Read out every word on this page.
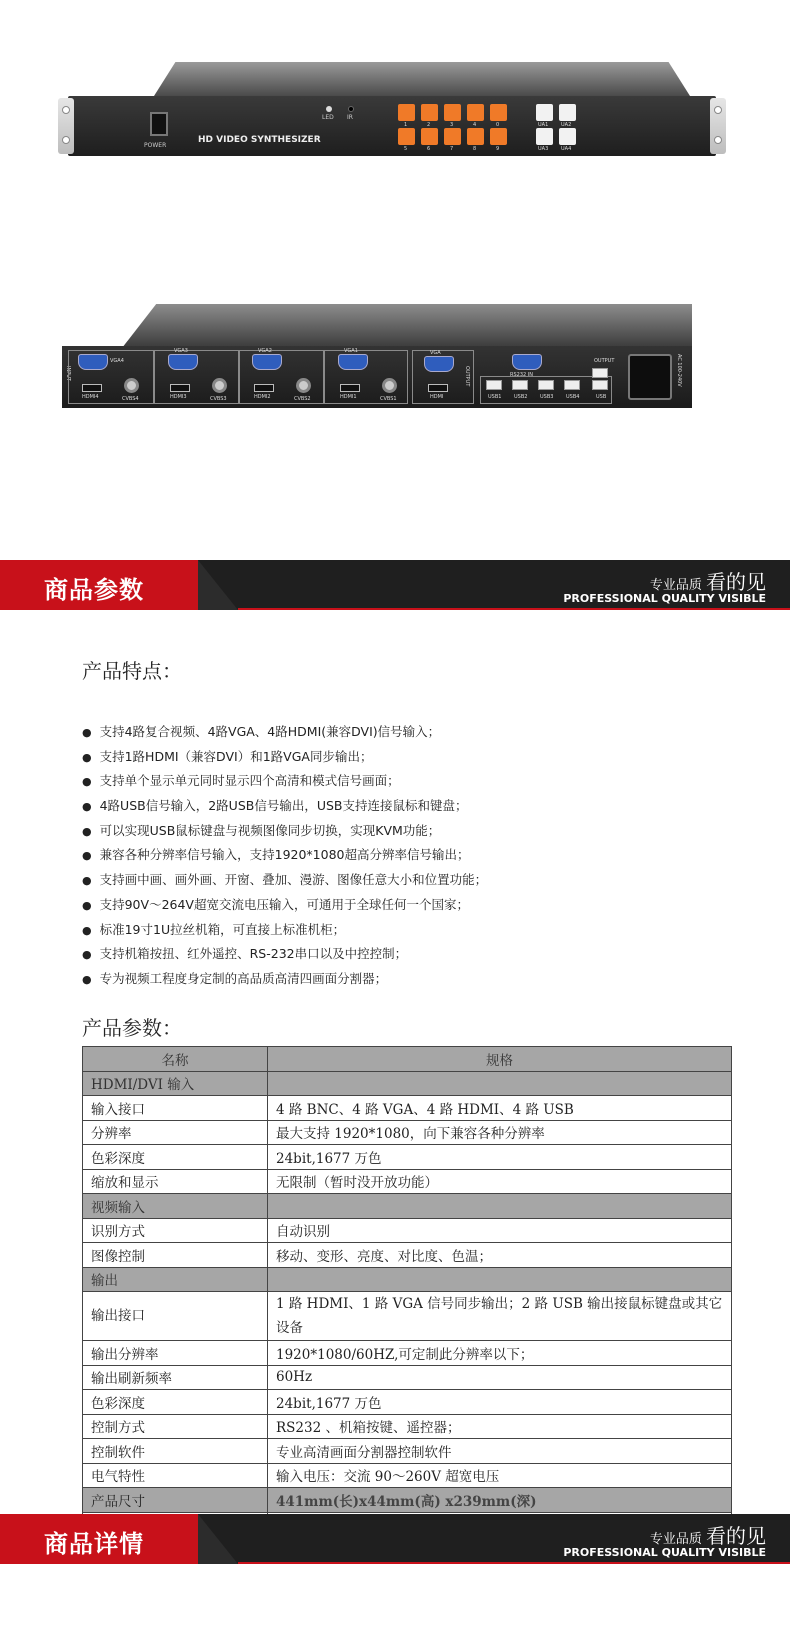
POWER
HD VIDEO SYNTHESIZER
LED IR
1	2	3	4	0
5	6	7	8	9
UA1	UA2
UA3	UA4
INPUT
VGA4
HDMI4	CVBS4
VGA3
HDMI3	CVBS3
VGA2
HDMI2	CVBS2
VGA1
HDMI1	CVBS1
VGA
HDMI
OUTPUT	RS232 IN
USB1	USB2	USB3	USB4
OUTPUT
USB
AC 100-240V
商品参数	专业品质 看的见
PROFESSIONAL QUALITY VISIBLE
产品特点：
● 支持4路复合视频、4路VGA、4路HDMI(兼容DVI)信号输入；
● 支持1路HDMI（兼容DVI）和1路VGA同步输出；
● 支持单个显示单元同时显示四个高清和模式信号画面；
● 4路USB信号输入，2路USB信号输出，USB支持连接鼠标和键盘；
● 可以实现USB鼠标键盘与视频图像同步切换，实现KVM功能；
● 兼容各种分辨率信号输入，支持1920*1080超高分辨率信号输出；
● 支持画中画、画外画、开窗、叠加、漫游、图像任意大小和位置功能；
● 支持90V～264V超宽交流电压输入，可通用于全球任何一个国家；
● 标准19寸1U拉丝机箱，可直接上标准机柜；
● 支持机箱按扭、红外遥控、RS-232串口以及中控控制；
● 专为视频工程度身定制的高品质高清四画面分割器；
产品参数：
名称	规格
HDMI/DVI 输入	
输入接口	4 路 BNC、4 路 VGA、4 路 HDMI、4 路 USB
分辨率	最大支持 1920*1080，向下兼容各种分辨率
色彩深度	24bit,1677 万色
缩放和显示	无限制（暂时没开放功能）
视频输入	
识别方式	自动识别
图像控制	移动、变形、亮度、对比度、色温；
输出	
输出接口	1 路 HDMI、1 路 VGA 信号同步输出；2 路 USB 输出接鼠标键盘或其它设备
输出分辨率	1920*1080/60HZ,可定制此分辨率以下；
输出刷新频率	60Hz
色彩深度	24bit,1677 万色
控制方式	RS232 、机箱按键、遥控器；
控制软件	专业高清画面分割器控制软件
电气特性	输入电压：交流 90～260V 超宽电压
产品尺寸	441mm(长)x44mm(高) x239mm(深)

商品详情	专业品质 看的见
PROFESSIONAL QUALITY VISIBLE
